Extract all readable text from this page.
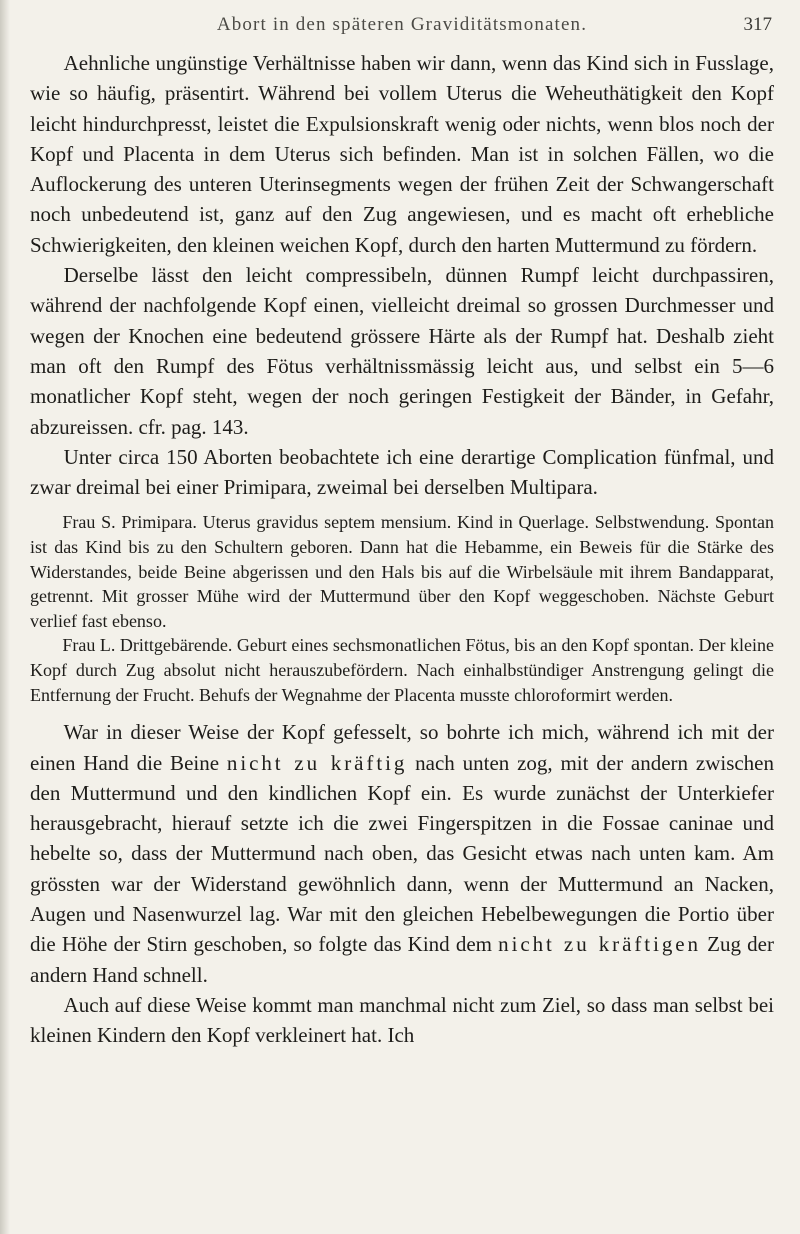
Abort in den späteren Graviditätsmonaten.	317

Aehnliche ungünstige Verhältnisse haben wir dann, wenn das Kind sich in Fusslage, wie so häufig, präsentirt. Während bei vollem Uterus die Weheuthätigkeit den Kopf leicht hindurchpresst, leistet die Expulsionskraft wenig oder nichts, wenn blos noch der Kopf und Placenta in dem Uterus sich befinden. Man ist in solchen Fällen, wo die Auflockerung des unteren Uterinsegments wegen der frühen Zeit der Schwangerschaft noch unbedeutend ist, ganz auf den Zug angewiesen, und es macht oft erhebliche Schwierigkeiten, den kleinen weichen Kopf, durch den harten Muttermund zu fördern.

Derselbe lässt den leicht compressibeln, dünnen Rumpf leicht durchpassiren, während der nachfolgende Kopf einen, vielleicht dreimal so grossen Durchmesser und wegen der Knochen eine bedeutend grössere Härte als der Rumpf hat. Deshalb zieht man oft den Rumpf des Fötus verhältnissmässig leicht aus, und selbst ein 5—6 monatlicher Kopf steht, wegen der noch geringen Festigkeit der Bänder, in Gefahr, abzureissen. cfr. pag. 143.

Unter circa 150 Aborten beobachtete ich eine derartige Complication fünfmal, und zwar dreimal bei einer Primipara, zweimal bei derselben Multipara.

Frau S. Primipara. Uterus gravidus septem mensium. Kind in Querlage. Selbstwendung. Spontan ist das Kind bis zu den Schultern geboren. Dann hat die Hebamme, ein Beweis für die Stärke des Widerstandes, beide Beine abgerissen und den Hals bis auf die Wirbelsäule mit ihrem Bandapparat, getrennt. Mit grosser Mühe wird der Muttermund über den Kopf weggeschoben. Nächste Geburt verlief fast ebenso.

Frau L. Drittgebärende. Geburt eines sechsmonatlichen Fötus, bis an den Kopf spontan. Der kleine Kopf durch Zug absolut nicht herauszubefördern. Nach einhalbstündiger Anstrengung gelingt die Entfernung der Frucht. Behufs der Wegnahme der Placenta musste chloroformirt werden.

War in dieser Weise der Kopf gefesselt, so bohrte ich mich, während ich mit der einen Hand die Beine nicht zu kräftig nach unten zog, mit der andern zwischen den Muttermund und den kindlichen Kopf ein. Es wurde zunächst der Unterkiefer herausgebracht, hierauf setzte ich die zwei Fingerspitzen in die Fossae caninae und hebelte so, dass der Muttermund nach oben, das Gesicht etwas nach unten kam. Am grössten war der Widerstand gewöhnlich dann, wenn der Muttermund an Nacken, Augen und Nasenwurzel lag. War mit den gleichen Hebelbewegungen die Portio über die Höhe der Stirn geschoben, so folgte das Kind dem nicht zu kräftigen Zug der andern Hand schnell.

Auch auf diese Weise kommt man manchmal nicht zum Ziel, so dass man selbst bei kleinen Kindern den Kopf verkleinert hat. Ich
